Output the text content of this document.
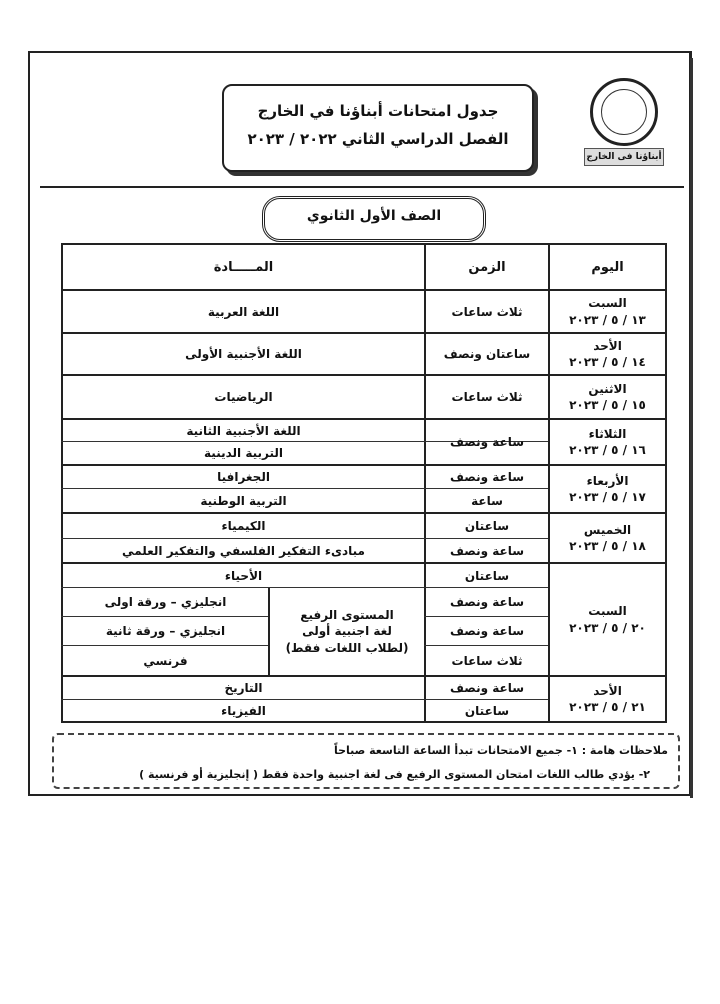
جدول امتحانات أبناؤنا في الخارج
الفصل الدراسي الثاني ٢٠٢٢ / ٢٠٢٣
أبناؤنا فى الخارج
الصف الأول الثانوي
اليوم
الزمن
المـــــادة
السبت
١٣ / ٥ / ٢٠٢٣
ثلاث ساعات
اللغة العربية
الأحد
١٤ / ٥ / ٢٠٢٣
ساعتان ونصف
اللغة الأجنبية الأولى
الاثنين
١٥ / ٥ / ٢٠٢٣
ثلاث ساعات
الرياضيات
الثلاثاء
١٦ / ٥ / ٢٠٢٣
ساعة ونصف
اللغة الأجنبية الثانية
التربية الدينية
الأربعاء
١٧ / ٥ / ٢٠٢٣
ساعة ونصف
ساعة
الجغرافيا
التربية الوطنية
الخميس
١٨ / ٥ / ٢٠٢٣
ساعتان
ساعة ونصف
الكيمياء
مبادىء التفكير الفلسفي والتفكير العلمي
السبت
٢٠ / ٥ / ٢٠٢٣
ساعتان
ساعة ونصف
ساعة ونصف
ثلاث ساعات
الأحياء
المستوى الرفيع
لغة اجنبية أولى
(لطلاب اللغات فقط)
انجليزي – ورقة اولى
انجليزي – ورقة ثانية
فرنسي
الأحد
٢١ / ٥ / ٢٠٢٣
ساعة ونصف
ساعتان
التاريخ
الفيزياء
ملاحظات هامة : ١- جميع الامتحانات تبدأ الساعة التاسعة صباحاً
٢- يؤدي طالب اللغات امتحان المستوى الرفيع فى لغة اجنبية واحدة فقط ( إنجليزية أو فرنسية )
